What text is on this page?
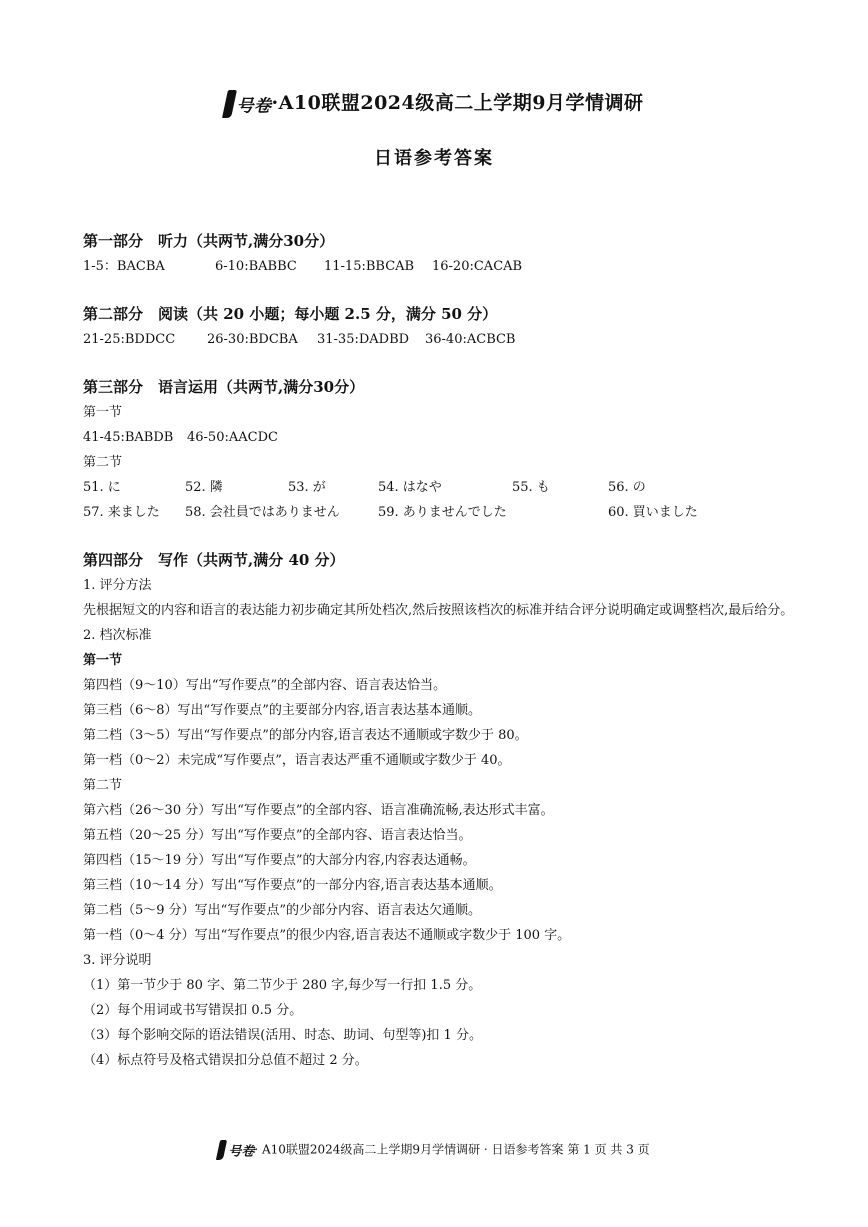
号卷·A10联盟2024级高二上学期9月学情调研
日语参考答案
第一部分　听力（共两节,满分30分）
1-5：BACBA	6-10:BABBC 11-15:BBCAB 16-20:CACAB
第二部分　阅读（共 20 小题；每小题 2.5 分，满分 50 分）
21-25:BDDCC 26-30:BDCBA 31-35:DADBD 36-40:ACBCB
第三部分　语言运用（共两节,满分30分）
第一节
41-45:BABDB 46-50:AACDC
第二节
51. に	52. 隣	53. が	54. はなや	55. も	56. の
57. 来ました 58. 会社員ではありません	59. ありませんでした	60. 買いました
第四部分　写作（共两节,满分 40 分）
1. 评分方法
先根据短文的内容和语言的表达能力初步确定其所处档次,然后按照该档次的标准并结合评分说明确定或调整档次,最后给分。
2. 档次标准
第一节
第四档（9～10）写出“写作要点”的全部内容、语言表达恰当。
第三档（6～8）写出“写作要点”的主要部分内容,语言表达基本通顺。
第二档（3～5）写出“写作要点”的部分内容,语言表达不通顺或字数少于 80。
第一档（0～2）未完成“写作要点”，语言表达严重不通顺或字数少于 40。
第二节
第六档（26～30 分）写出“写作要点”的全部内容、语言准确流畅,表达形式丰富。
第五档（20～25 分）写出“写作要点”的全部内容、语言表达恰当。
第四档（15～19 分）写出“写作要点”的大部分内容,内容表达通畅。
第三档（10～14 分）写出“写作要点”的一部分内容,语言表达基本通顺。
第二档（5～9 分）写出“写作要点”的少部分内容、语言表达欠通顺。
第一档（0～4 分）写出“写作要点”的很少内容,语言表达不通顺或字数少于 100 字。
3. 评分说明
（1）第一节少于 80 字、第二节少于 280 字,每少写一行扣 1.5 分。
（2）每个用词或书写错误扣 0.5 分。
（3）每个影响交际的语法错误(活用、时态、助词、句型等)扣 1 分。
（4）标点符号及格式错误扣分总值不超过 2 分。
号卷· A10联盟2024级高二上学期9月学情调研 · 日语参考答案 第 1 页 共 3 页
